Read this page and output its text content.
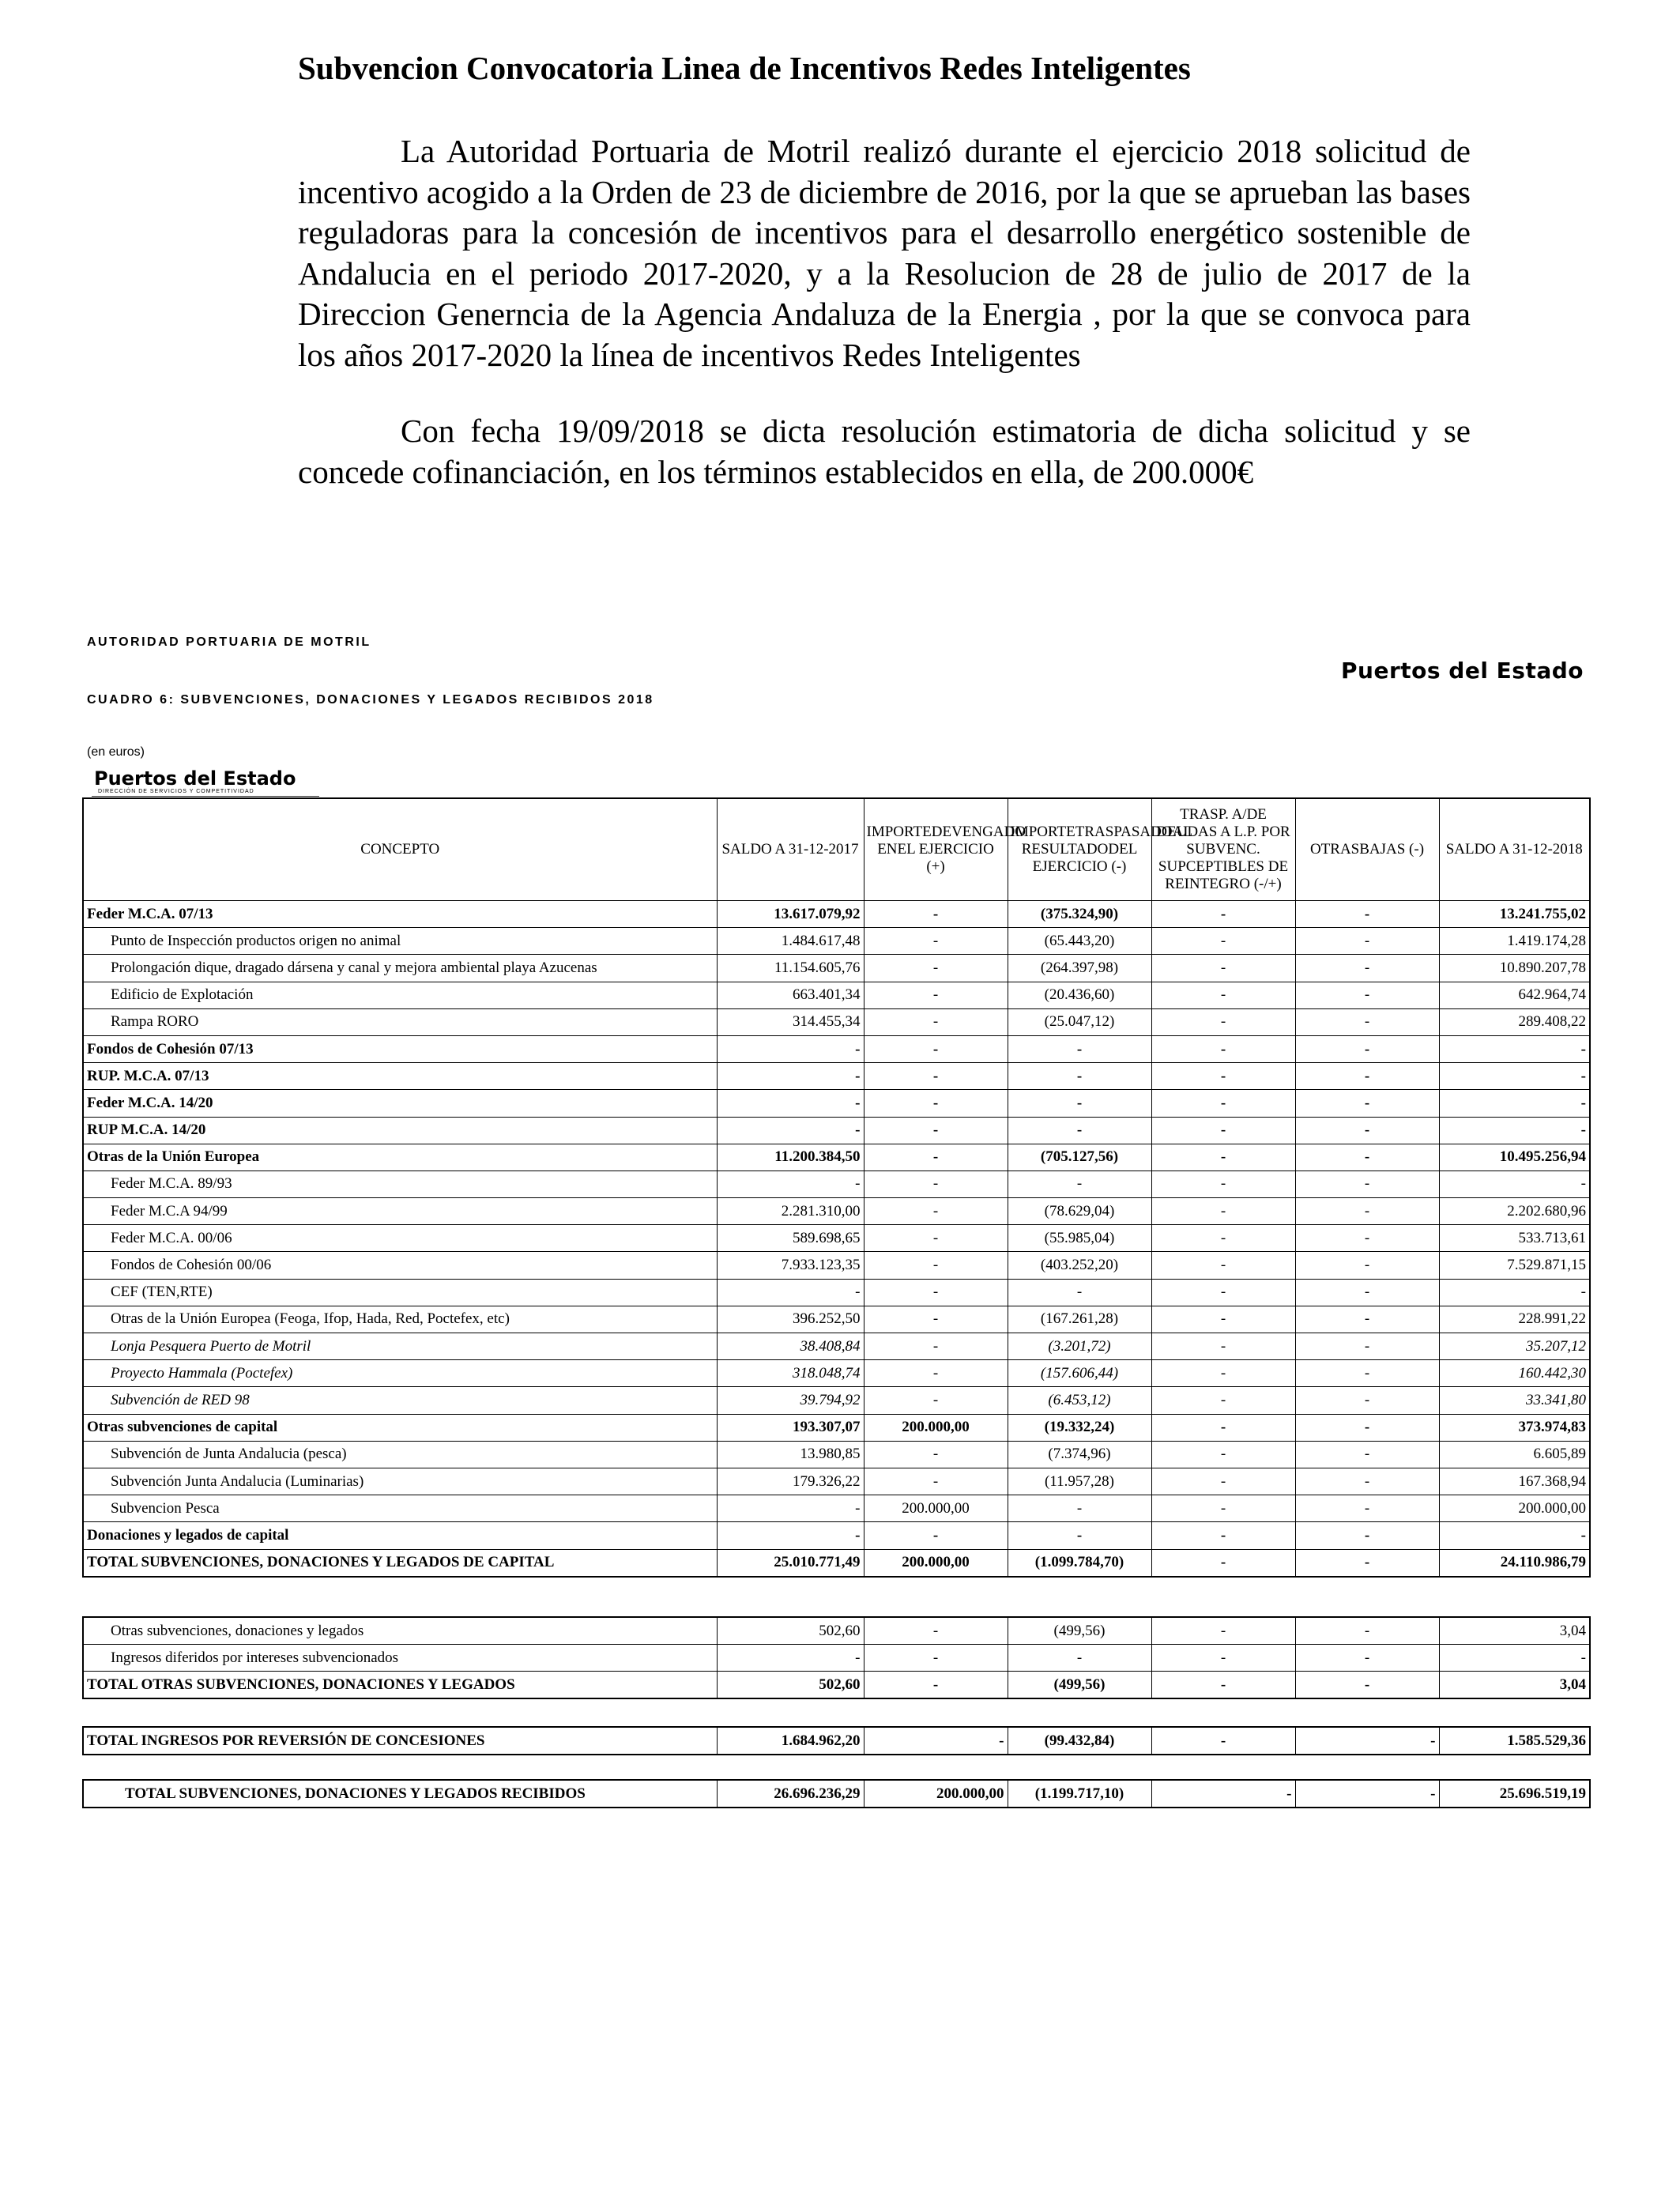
Subvencion Convocatoria Linea de Incentivos Redes Inteligentes
La Autoridad Portuaria de Motril realizó durante el ejercicio 2018 solicitud de incentivo acogido a la Orden de 23 de diciembre de 2016, por la que se aprueban las bases reguladoras para la concesión de incentivos para el desarrollo energético sostenible de Andalucia en el periodo 2017-2020, y a la Resolucion de 28 de julio de 2017 de la Direccion Generncia de la Agencia Andaluza de la Energia , por la que se convoca para los años 2017-2020 la línea de incentivos Redes Inteligentes
Con fecha 19/09/2018 se dicta resolución estimatoria de dicha solicitud y se concede cofinanciación, en los términos establecidos en ella, de 200.000€
AUTORIDAD PORTUARIA DE MOTRIL
Puertos del Estado
CUADRO 6: SUBVENCIONES, DONACIONES Y LEGADOS RECIBIDOS 2018
(en euros)
Puertos del Estado
DIRECCIÓN DE SERVICIOS Y COMPETITIVIDAD
CONCEPTO	SALDO A 31-12-2017	IMPORTEDEVENGADO ENEL EJERCICIO (+)	IMPORTETRASPASADOAL RESULTADODEL EJERCICIO (-)	TRASP. A/DE DEUDAS A L.P. POR SUBVENC. SUPCEPTIBLES DE REINTEGRO (-/+)	OTRASBAJAS (-)	SALDO A 31-12-2018
Feder M.C.A. 07/13	13.617.079,92	-	(375.324,90)	-	-	13.241.755,02
Punto de Inspección productos origen no animal	1.484.617,48	-	(65.443,20)	-	-	1.419.174,28
Prolongación dique, dragado dársena y canal y mejora ambiental playa Azucenas	11.154.605,76	-	(264.397,98)	-	-	10.890.207,78
Edificio de Explotación	663.401,34	-	(20.436,60)	-	-	642.964,74
Rampa RORO	314.455,34	-	(25.047,12)	-	-	289.408,22
Fondos de Cohesión 07/13	-	-	-	-	-	-
RUP. M.C.A. 07/13	-	-	-	-	-	-
Feder M.C.A. 14/20	-	-	-	-	-	-
RUP M.C.A. 14/20	-	-	-	-	-	-
Otras de la Unión Europea	11.200.384,50	-	(705.127,56)	-	-	10.495.256,94
Feder M.C.A. 89/93	-	-	-	-	-	-
Feder M.C.A 94/99	2.281.310,00	-	(78.629,04)	-	-	2.202.680,96
Feder M.C.A. 00/06	589.698,65	-	(55.985,04)	-	-	533.713,61
Fondos de Cohesión 00/06	7.933.123,35	-	(403.252,20)	-	-	7.529.871,15
CEF (TEN,RTE)	-	-	-	-	-	-
Otras de la Unión Europea (Feoga, Ifop, Hada, Red, Poctefex, etc)	396.252,50	-	(167.261,28)	-	-	228.991,22
Lonja Pesquera Puerto de Motril	38.408,84	-	(3.201,72)	-	-	35.207,12
Proyecto Hammala (Poctefex)	318.048,74	-	(157.606,44)	-	-	160.442,30
Subvención de RED 98	39.794,92	-	(6.453,12)	-	-	33.341,80
Otras subvenciones de capital	193.307,07	200.000,00	(19.332,24)	-	-	373.974,83
Subvención de Junta Andalucia (pesca)	13.980,85	-	(7.374,96)	-	-	6.605,89
Subvención Junta Andalucia (Luminarias)	179.326,22	-	(11.957,28)	-	-	167.368,94
Subvencion Pesca	-	200.000,00	-	-	-	200.000,00
Donaciones y legados de capital	-	-	-	-	-	-
TOTAL SUBVENCIONES, DONACIONES Y LEGADOS DE CAPITAL	25.010.771,49	200.000,00	(1.099.784,70)	-	-	24.110.986,79
Otras subvenciones, donaciones y legados	502,60	-	(499,56)	-	-	3,04
Ingresos diferidos por intereses subvencionados	-	-	-	-	-	-
TOTAL OTRAS SUBVENCIONES, DONACIONES Y LEGADOS	502,60	-	(499,56)	-	-	3,04
TOTAL INGRESOS POR REVERSIÓN DE CONCESIONES	1.684.962,20	-	(99.432,84)	-	-	1.585.529,36
TOTAL SUBVENCIONES, DONACIONES Y LEGADOS RECIBIDOS	26.696.236,29	200.000,00	(1.199.717,10)	-	-	25.696.519,19
